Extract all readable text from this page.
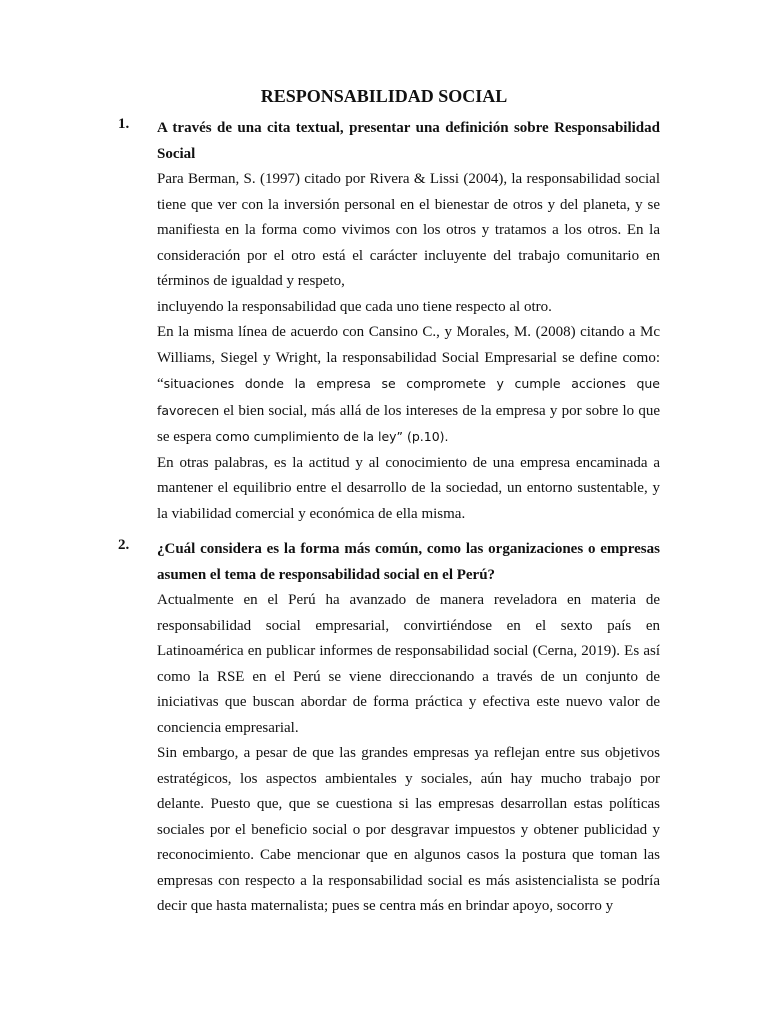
RESPONSABILIDAD SOCIAL
1. A través de una cita textual, presentar una definición sobre Responsabilidad Social

Para Berman, S. (1997) citado por Rivera & Lissi (2004), la responsabilidad social tiene que ver con la inversión personal en el bienestar de otros y del planeta, y se manifiesta en la forma como vivimos con los otros y tratamos a los otros. En la consideración por el otro está el carácter incluyente del trabajo comunitario en términos de igualdad y respeto,

incluyendo la responsabilidad que cada uno tiene respecto al otro.

En la misma línea de acuerdo con Cansino C., y Morales, M. (2008) citando a Mc Williams, Siegel y Wright, la responsabilidad Social Empresarial se define como: “situaciones donde la empresa se compromete y cumple acciones que favorecen el bien social, más allá de los intereses de la empresa y por sobre lo que se espera como cumplimiento de la ley” (p.10).

En otras palabras, es la actitud y al conocimiento de una empresa encaminada a mantener el equilibrio entre el desarrollo de la sociedad, un entorno sustentable, y la viabilidad comercial y económica de ella misma.

2. ¿Cuál considera es la forma más común, como las organizaciones o empresas asumen el tema de responsabilidad social en el Perú?

Actualmente en el Perú ha avanzado de manera reveladora en materia de responsabilidad social empresarial, convirtiéndose en el sexto país en Latinoamérica en publicar informes de responsabilidad social (Cerna, 2019). Es así como la RSE en el Perú se viene direccionando a través de un conjunto de iniciativas que buscan abordar de forma práctica y efectiva este nuevo valor de conciencia empresarial.

Sin embargo, a pesar de que las grandes empresas ya reflejan entre sus objetivos estratégicos, los aspectos ambientales y sociales, aún hay mucho trabajo por delante. Puesto que, que se cuestiona si las empresas desarrollan estas políticas sociales por el beneficio social o por desgravar impuestos y obtener publicidad y reconocimiento. Cabe mencionar que en algunos casos la postura que toman las empresas con respecto a la responsabilidad social es más asistencialista se podría decir que hasta maternalista; pues se centra más en brindar apoyo, socorro y
